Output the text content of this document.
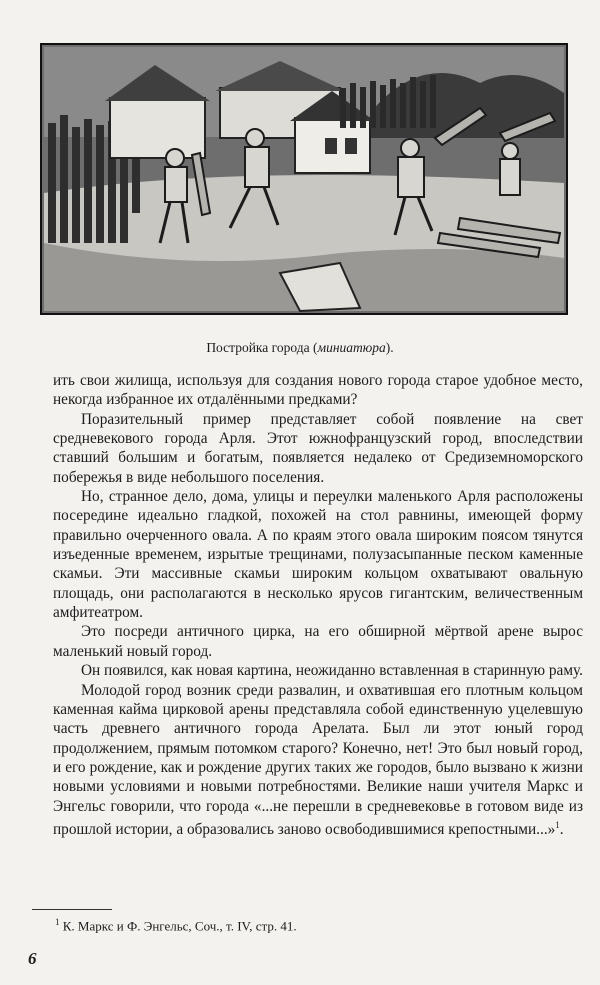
Постройка города (миниатюра).

ить свои жилища, используя для создания нового города старое удобное место, некогда избранное их отдалёнными предками?

Поразительный пример представляет собой появление на свет средневекового города Арля. Этот южнофранцузский город, впоследствии ставший большим и богатым, появляется недалеко от Средиземноморского побережья в виде небольшого поселения.

Но, странное дело, дома, улицы и переулки маленького Арля расположены посередине идеально гладкой, похожей на стол равнины, имеющей форму правильно очерченного овала. А по краям этого овала широким поясом тянутся изъеденные временем, изрытые трещинами, полузасыпанные песком каменные скамьи. Эти массивные скамьи широким кольцом охватывают овальную площадь, они располагаются в несколько ярусов гигантским, величественным амфитеатром.

Это посреди античного цирка, на его обширной мёртвой арене вырос маленький новый город.

Он появился, как новая картина, неожиданно вставленная в старинную раму.

Молодой город возник среди развалин, и охватившая его плотным кольцом каменная кайма цирковой арены представляла собой единственную уцелевшую часть древнего античного города Арелата. Был ли этот юный город продолжением, прямым потомком старого? Конечно, нет! Это был новый город, и его рождение, как и рождение других таких же городов, было вызвано к жизни новыми условиями и новыми потребностями. Великие наши учителя Маркс и Энгельс говорили, что города «...не перешли в средневековье в готовом виде из прошлой истории, а образовались заново освободившимися крепостными...»$^1$.

$^1$ К. Маркс и Ф. Энгельс, Соч., т. IV, стр. 41.
6
